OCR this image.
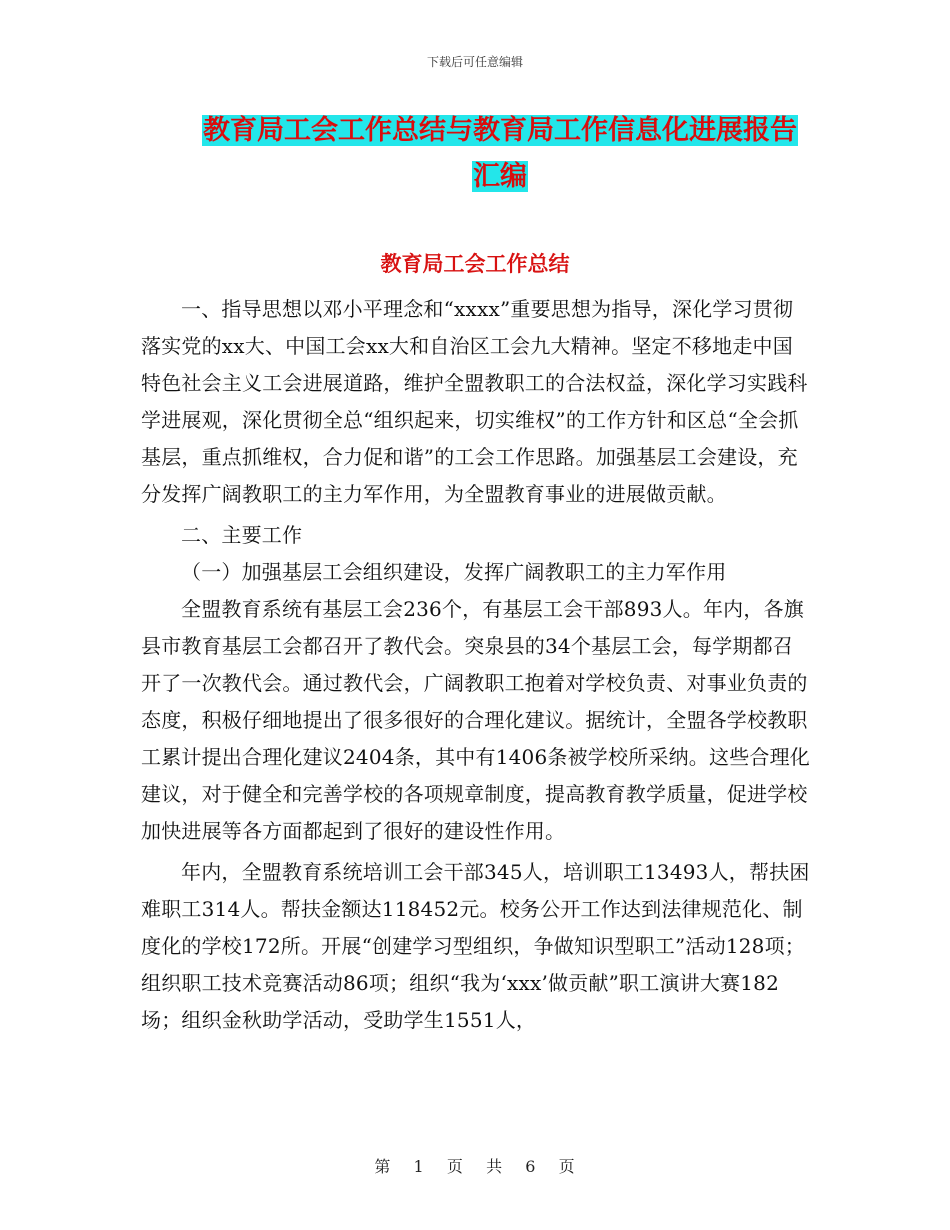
下载后可任意编辑
教育局工会工作总结与教育局工作信息化进展报告汇编
教育局工会工作总结

一、指导思想以邓小平理念和“xxxx”重要思想为指导，深化学习贯彻落实党的xx大、中国工会xx大和自治区工会九大精神。坚定不移地走中国特色社会主义工会进展道路，维护全盟教职工的合法权益，深化学习实践科学进展观，深化贯彻全总“组织起来，切实维权”的工作方针和区总“全会抓基层，重点抓维权，合力促和谐”的工会工作思路。加强基层工会建设，充分发挥广阔教职工的主力军作用，为全盟教育事业的进展做贡献。

二、主要工作

（一）加强基层工会组织建设，发挥广阔教职工的主力军作用

全盟教育系统有基层工会236个，有基层工会干部893人。年内，各旗县市教育基层工会都召开了教代会。突泉县的34个基层工会，每学期都召开了一次教代会。通过教代会，广阔教职工抱着对学校负责、对事业负责的态度，积极仔细地提出了很多很好的合理化建议。据统计，全盟各学校教职工累计提出合理化建议2404条，其中有1406条被学校所采纳。这些合理化建议，对于健全和完善学校的各项规章制度，提高教育教学质量，促进学校加快进展等各方面都起到了很好的建设性作用。

年内，全盟教育系统培训工会干部345人，培训职工13493人，帮扶困难职工314人。帮扶金额达118452元。校务公开工作达到法律规范化、制度化的学校172所。开展“创建学习型组织，争做知识型职工”活动128项；组织职工技术竞赛活动86项；组织“我为‘xxx’做贡献”职工演讲大赛182场；组织金秋助学活动，受助学生1551人，

第 1 页 共 6 页
